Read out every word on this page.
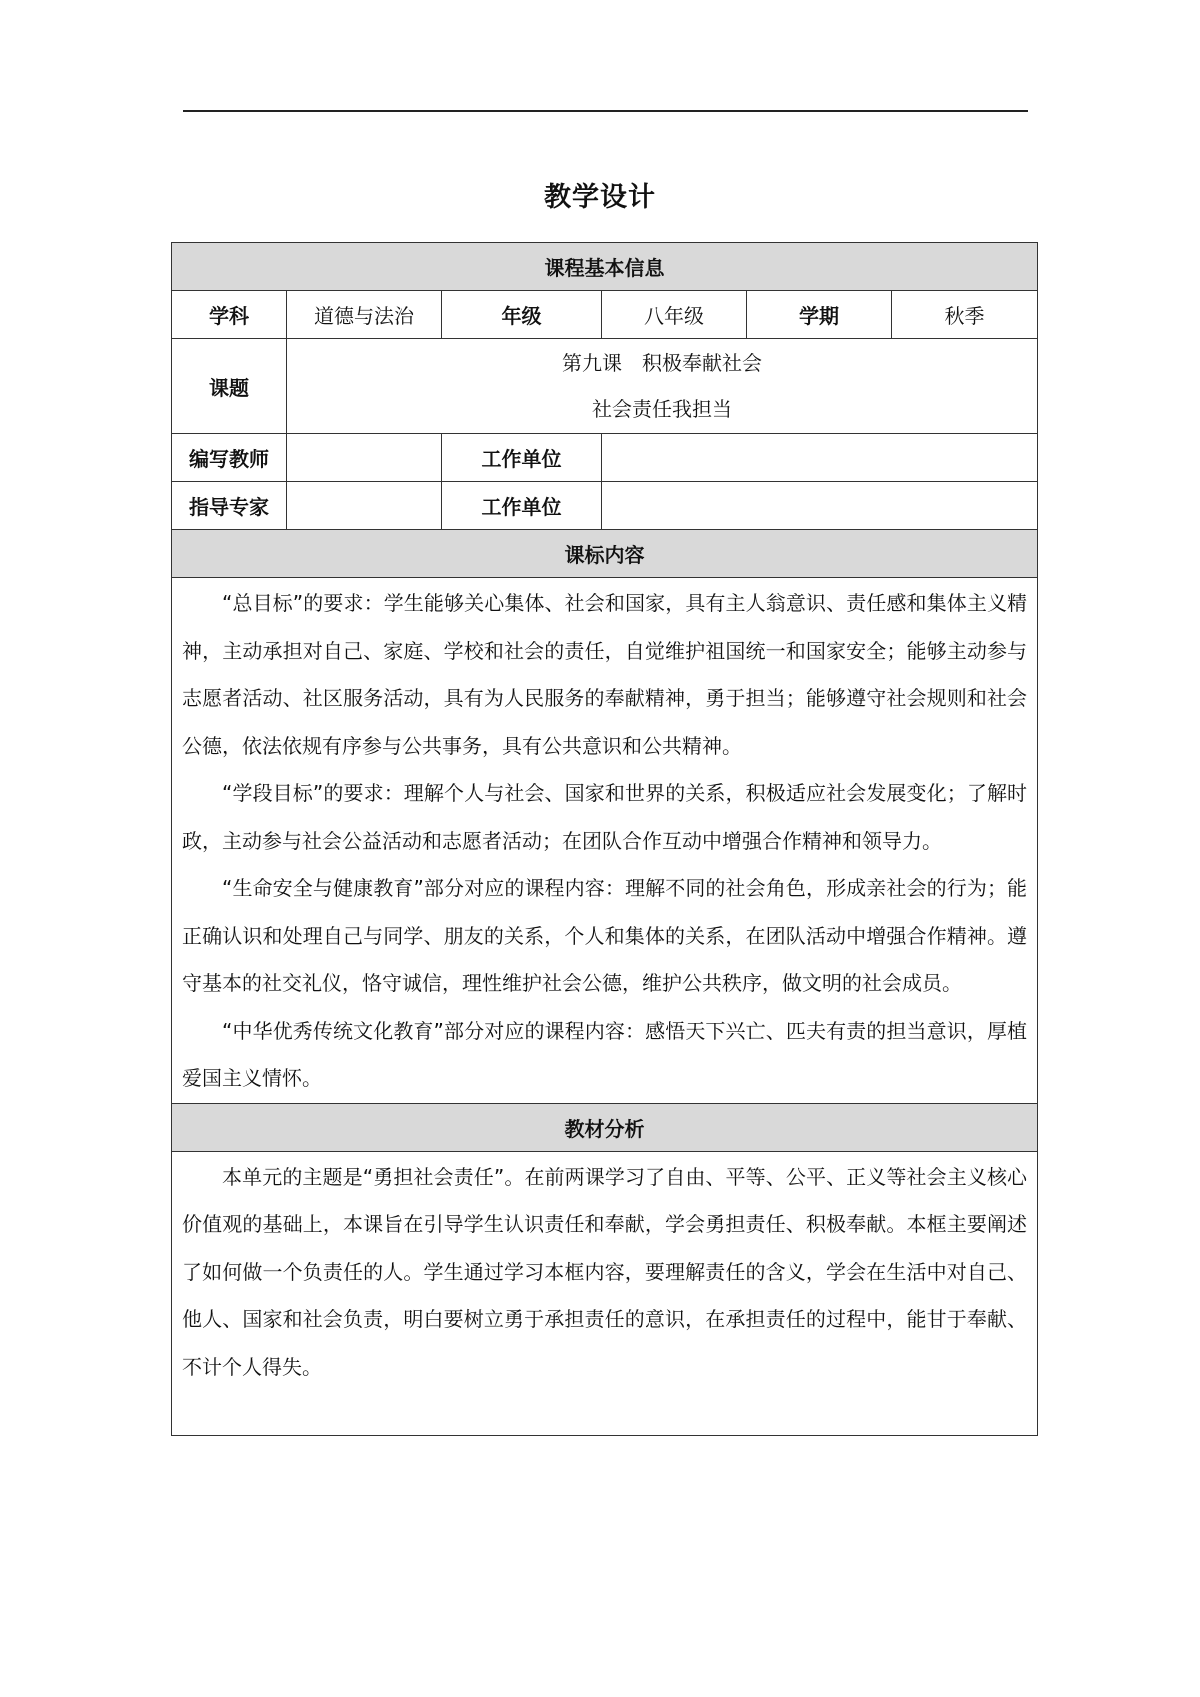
教学设计
课程基本信息					
学科	道德与法治	年级	八年级	学期	秋季
课题	第九课　积极奉献社会
社会责任我担当				

编写教师		工作单位			
指导专家		工作单位			
课标内容					

“总目标”的要求：学生能够关心集体、社会和国家，具有主人翁意识、责任感和集体主义精神，主动承担对自己、家庭、学校和社会的责任，自觉维护祖国统一和国家安全；能够主动参与志愿者活动、社区服务活动，具有为人民服务的奉献精神，勇于担当；能够遵守社会规则和社会公德，依法依规有序参与公共事务，具有公共意识和公共精神。

“学段目标”的要求：理解个人与社会、国家和世界的关系，积极适应社会发展变化；了解时政，主动参与社会公益活动和志愿者活动；在团队合作互动中增强合作精神和领导力。

“生命安全与健康教育”部分对应的课程内容：理解不同的社会角色，形成亲社会的行为；能正确认识和处理自己与同学、朋友的关系，个人和集体的关系，在团队活动中增强合作精神。遵守基本的社交礼仪，恪守诚信，理性维护社会公德，维护公共秩序，做文明的社会成员。

“中华优秀传统文化教育”部分对应的课程内容：感悟天下兴亡、匹夫有责的担当意识，厚植爱国主义情怀。					

教材分析					

本单元的主题是“勇担社会责任”。在前两课学习了自由、平等、公平、正义等社会主义核心价值观的基础上，本课旨在引导学生认识责任和奉献，学会勇担责任、积极奉献。本框主要阐述了如何做一个负责任的人。学生通过学习本框内容，要理解责任的含义，学会在生活中对自己、他人、国家和社会负责，明白要树立勇于承担责任的意识，在承担责任的过程中，能甘于奉献、不计个人得失。					
